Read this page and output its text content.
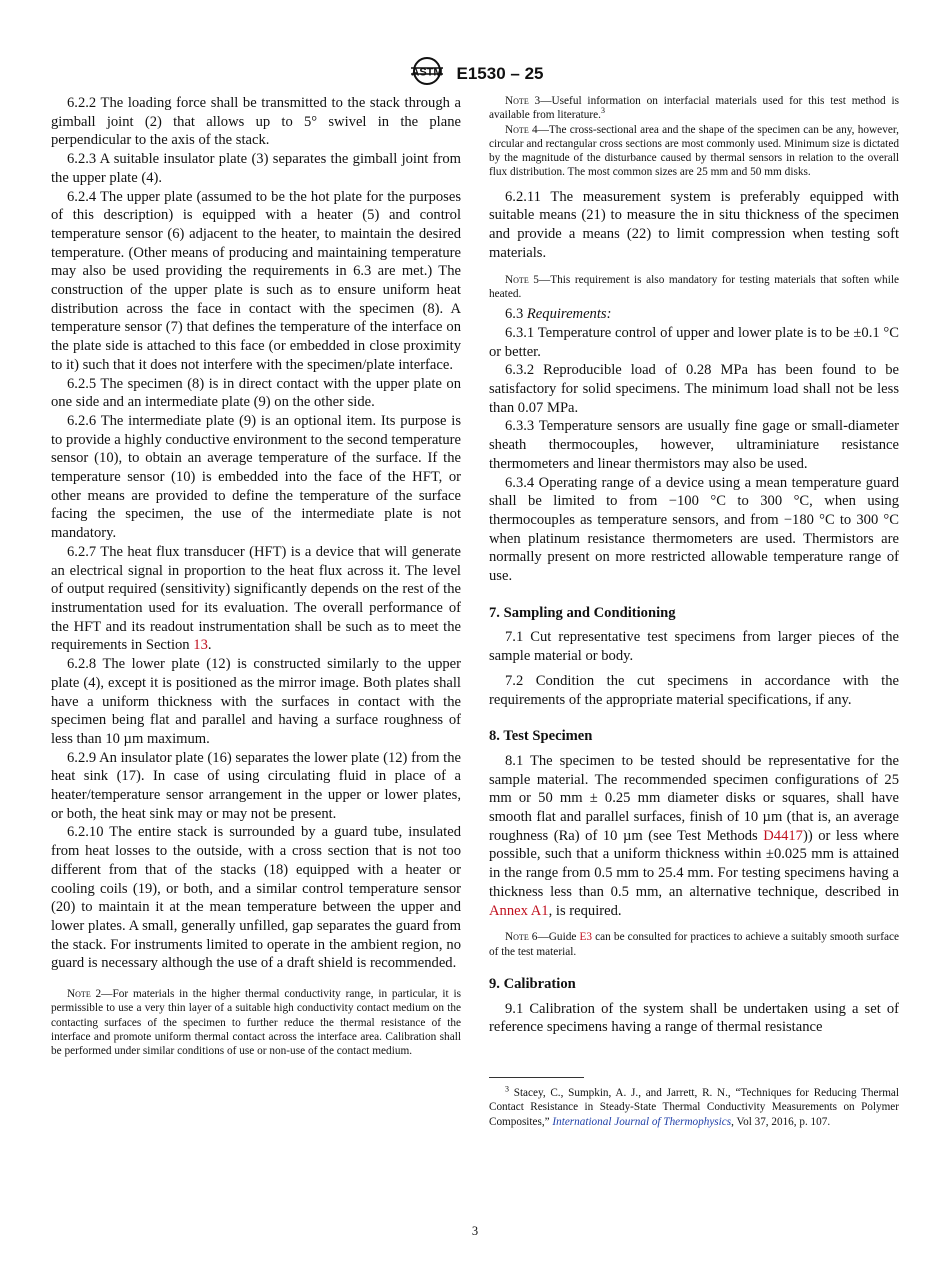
ASTM E1530 – 25

6.2.2 The loading force shall be transmitted to the stack through a gimball joint (2) that allows up to 5° swivel in the plane perpendicular to the axis of the stack.

6.2.3 A suitable insulator plate (3) separates the gimball joint from the upper plate (4).

6.2.4 The upper plate (assumed to be the hot plate for the purposes of this description) is equipped with a heater (5) and control temperature sensor (6) adjacent to the heater, to maintain the desired temperature. (Other means of producing and maintaining temperature may also be used providing the requirements in 6.3 are met.) The construction of the upper plate is such as to ensure uniform heat distribution across the face in contact with the specimen (8). A temperature sensor (7) that defines the temperature of the interface on the plate side is attached to this face (or embedded in close proximity to it) such that it does not interfere with the specimen/plate interface.

6.2.5 The specimen (8) is in direct contact with the upper plate on one side and an intermediate plate (9) on the other side.

6.2.6 The intermediate plate (9) is an optional item. Its purpose is to provide a highly conductive environment to the second temperature sensor (10), to obtain an average temperature of the surface. If the temperature sensor (10) is embedded into the face of the HFT, or other means are provided to define the temperature of the surface facing the specimen, the use of the intermediate plate is not mandatory.

6.2.7 The heat flux transducer (HFT) is a device that will generate an electrical signal in proportion to the heat flux across it. The level of output required (sensitivity) significantly depends on the rest of the instrumentation used for its evaluation. The overall performance of the HFT and its readout instrumentation shall be such as to meet the requirements in Section 13.

6.2.8 The lower plate (12) is constructed similarly to the upper plate (4), except it is positioned as the mirror image. Both plates shall have a uniform thickness with the surfaces in contact with the specimen being flat and parallel and having a surface roughness of less than 10 µm maximum.

6.2.9 An insulator plate (16) separates the lower plate (12) from the heat sink (17). In case of using circulating fluid in place of a heater/temperature sensor arrangement in the upper or lower plates, or both, the heat sink may or may not be present.

6.2.10 The entire stack is surrounded by a guard tube, insulated from heat losses to the outside, with a cross section that is not too different from that of the stacks (18) equipped with a heater or cooling coils (19), or both, and a similar control temperature sensor (20) to maintain it at the mean temperature between the upper and lower plates. A small, generally unfilled, gap separates the guard from the stack. For instruments limited to operate in the ambient region, no guard is necessary although the use of a draft shield is recommended.

Note 2—For materials in the higher thermal conductivity range, in particular, it is permissible to use a very thin layer of a suitable high conductivity contact medium on the contacting surfaces of the specimen to further reduce the thermal resistance of the interface and promote uniform thermal contact across the interface area. Calibration shall be performed under similar conditions of use or non-use of the contact medium.

Note 3—Useful information on interfacial materials used for this test method is available from literature.$^3$

Note 4—The cross-sectional area and the shape of the specimen can be any, however, circular and rectangular cross sections are most commonly used. Minimum size is dictated by the magnitude of the disturbance caused by thermal sensors in relation to the overall flux distribution. The most common sizes are 25 mm and 50 mm disks.

6.2.11 The measurement system is preferably equipped with suitable means (21) to measure the in situ thickness of the specimen and provide a means (22) to limit compression when testing soft materials.

Note 5—This requirement is also mandatory for testing materials that soften while heated.

6.3 Requirements:

6.3.1 Temperature control of upper and lower plate is to be ±0.1 °C or better.

6.3.2 Reproducible load of 0.28 MPa has been found to be satisfactory for solid specimens. The minimum load shall not be less than 0.07 MPa.

6.3.3 Temperature sensors are usually fine gage or small-diameter sheath thermocouples, however, ultraminiature resistance thermometers and linear thermistors may also be used.

6.3.4 Operating range of a device using a mean temperature guard shall be limited to from −100 °C to 300 °C, when using thermocouples as temperature sensors, and from −180 °C to 300 °C when platinum resistance thermometers are used. Thermistors are normally present on more restricted allowable temperature range of use.

7. Sampling and Conditioning

7.1 Cut representative test specimens from larger pieces of the sample material or body.

7.2 Condition the cut specimens in accordance with the requirements of the appropriate material specifications, if any.

8. Test Specimen

8.1 The specimen to be tested should be representative for the sample material. The recommended specimen configurations of 25 mm or 50 mm ± 0.25 mm diameter disks or squares, shall have smooth flat and parallel surfaces, finish of 10 µm (that is, an average roughness (Ra) of 10 µm (see Test Methods D4417)) or less where possible, such that a uniform thickness within ±0.025 mm is attained in the range from 0.5 mm to 25.4 mm. For testing specimens having a thickness less than 0.5 mm, an alternative technique, described in Annex A1, is required.

Note 6—Guide E3 can be consulted for practices to achieve a suitably smooth surface of the test material.

9. Calibration

9.1 Calibration of the system shall be undertaken using a set of reference specimens having a range of thermal resistance

$^3$ Stacey, C., Sumpkin, A. J., and Jarrett, R. N., “Techniques for Reducing Thermal Contact Resistance in Steady-State Thermal Conductivity Measurements on Polymer Composites,” International Journal of Thermophysics, Vol 37, 2016, p. 107.

3
